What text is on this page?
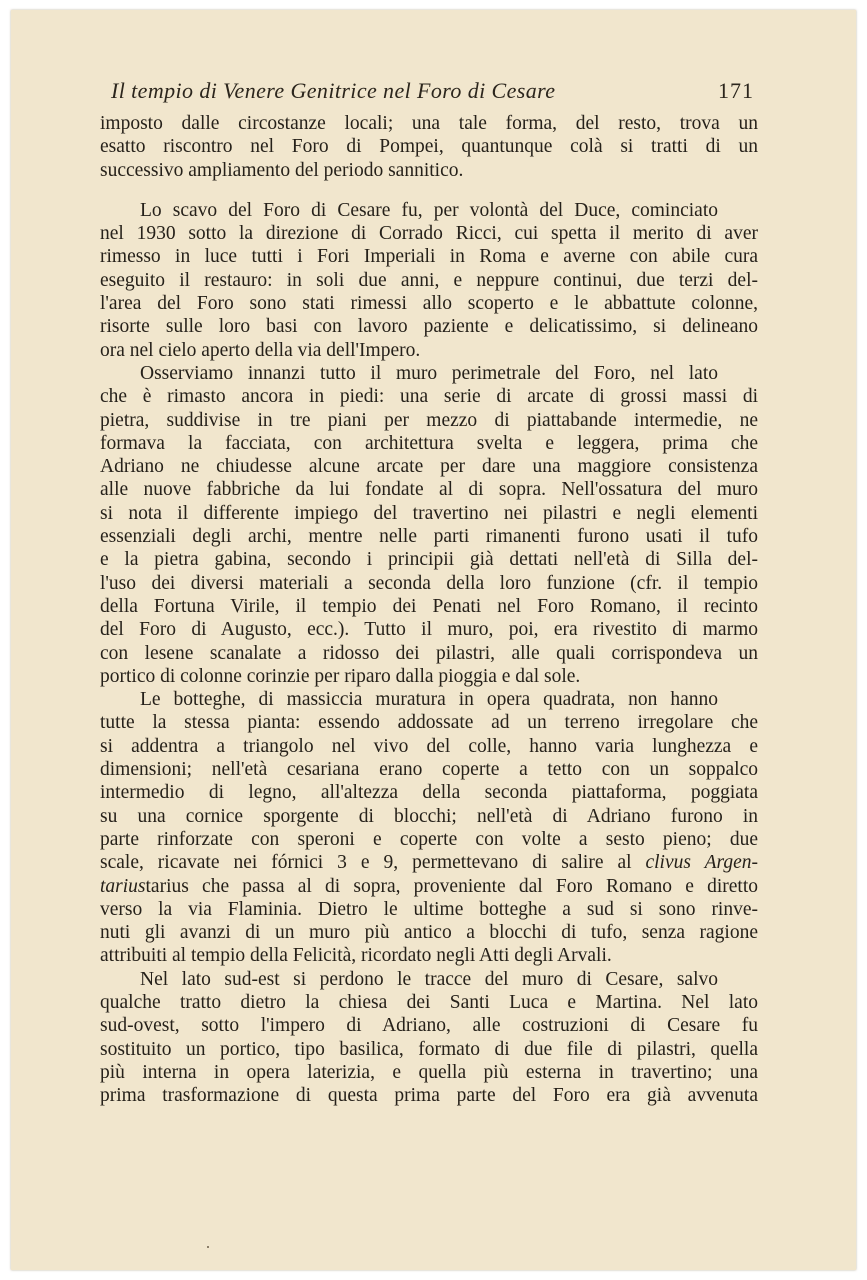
Il tempio di Venere Genitrice nel Foro di Cesare	171

imposto dalle circostanze locali; una tale forma, del resto, trova un
esatto riscontro nel Foro di Pompei, quantunque colà si tratti di un
successivo ampliamento del periodo sannitico.

Lo scavo del Foro di Cesare fu, per volontà del Duce, cominciato
nel 1930 sotto la direzione di Corrado Ricci, cui spetta il merito di aver
rimesso in luce tutti i Fori Imperiali in Roma e averne con abile cura
eseguito il restauro: in soli due anni, e neppure continui, due terzi del-
l'area del Foro sono stati rimessi allo scoperto e le abbattute colonne,
risorte sulle loro basi con lavoro paziente e delicatissimo, si delineano
ora nel cielo aperto della via dell'Impero.

Osserviamo innanzi tutto il muro perimetrale del Foro, nel lato
che è rimasto ancora in piedi: una serie di arcate di grossi massi di
pietra, suddivise in tre piani per mezzo di piattabande intermedie, ne
formava la facciata, con architettura svelta e leggera, prima che
Adriano ne chiudesse alcune arcate per dare una maggiore consistenza
alle nuove fabbriche da lui fondate al di sopra. Nell'ossatura del muro
si nota il differente impiego del travertino nei pilastri e negli elementi
essenziali degli archi, mentre nelle parti rimanenti furono usati il tufo
e la pietra gabina, secondo i principii già dettati nell'età di Silla del-
l'uso dei diversi materiali a seconda della loro funzione (cfr. il tempio
della Fortuna Virile, il tempio dei Penati nel Foro Romano, il recinto
del Foro di Augusto, ecc.). Tutto il muro, poi, era rivestito di marmo
con lesene scanalate a ridosso dei pilastri, alle quali corrispondeva un
portico di colonne corinzie per riparo dalla pioggia e dal sole.

Le botteghe, di massiccia muratura in opera quadrata, non hanno
tutte la stessa pianta: essendo addossate ad un terreno irregolare che
si addentra a triangolo nel vivo del colle, hanno varia lunghezza e
dimensioni; nell'età cesariana erano coperte a tetto con un soppalco
intermedio di legno, all'altezza della seconda piattaforma, poggiata
su una cornice sporgente di blocchi; nell'età di Adriano furono in
parte rinforzate con speroni e coperte con volte a sesto pieno; due
scale, ricavate nei fórnici 3 e 9, permettevano di salire al clivus Argen-
tariustarius che passa al di sopra, proveniente dal Foro Romano e diretto
verso la via Flaminia. Dietro le ultime botteghe a sud si sono rinve-
nuti gli avanzi di un muro più antico a blocchi di tufo, senza ragione
attribuiti al tempio della Felicità, ricordato negli Atti degli Arvali.

Nel lato sud-est si perdono le tracce del muro di Cesare, salvo
qualche tratto dietro la chiesa dei Santi Luca e Martina. Nel lato
sud-ovest, sotto l'impero di Adriano, alle costruzioni di Cesare fu
sostituito un portico, tipo basilica, formato di due file di pilastri, quella
più interna in opera laterizia, e quella più esterna in travertino; una
prima trasformazione di questa prima parte del Foro era già avvenuta
